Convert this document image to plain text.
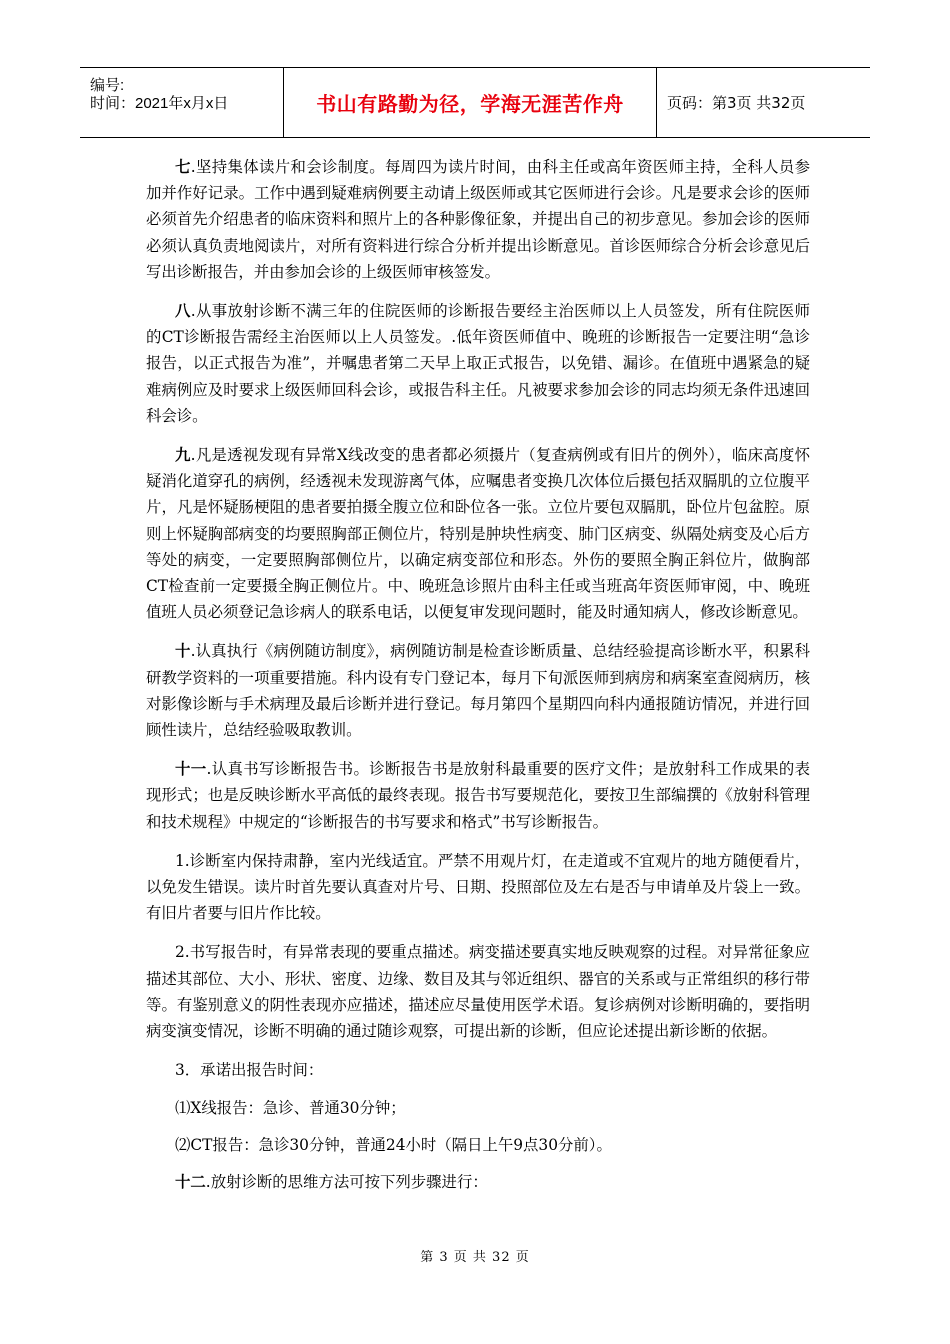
编号:
时间：2021年x月x日	书山有路勤为径，学海无涯苦作舟	页码：第3页 共32页

七.坚持集体读片和会诊制度。每周四为读片时间，由科主任或高年资医师主持，全科人员参加并作好记录。工作中遇到疑难病例要主动请上级医师或其它医师进行会诊。凡是要求会诊的医师必须首先介绍患者的临床资料和照片上的各种影像征象，并提出自己的初步意见。参加会诊的医师必须认真负责地阅读片，对所有资料进行综合分析并提出诊断意见。首诊医师综合分析会诊意见后写出诊断报告，并由参加会诊的上级医师审核签发。

八.从事放射诊断不满三年的住院医师的诊断报告要经主治医师以上人员签发，所有住院医师的CT诊断报告需经主治医师以上人员签发。.低年资医师值中、晚班的诊断报告一定要注明“急诊报告，以正式报告为准”，并嘱患者第二天早上取正式报告，以免错、漏诊。在值班中遇紧急的疑难病例应及时要求上级医师回科会诊，或报告科主任。凡被要求参加会诊的同志均须无条件迅速回科会诊。

九.凡是透视发现有异常X线改变的患者都必须摄片（复查病例或有旧片的例外），临床高度怀疑消化道穿孔的病例，经透视未发现游离气体，应嘱患者变换几次体位后摄包括双膈肌的立位腹平片，凡是怀疑肠梗阻的患者要拍摄全腹立位和卧位各一张。立位片要包双膈肌，卧位片包盆腔。原则上怀疑胸部病变的均要照胸部正侧位片，特别是肿块性病变、肺门区病变、纵隔处病变及心后方等处的病变，一定要照胸部侧位片，以确定病变部位和形态。外伤的要照全胸正斜位片，做胸部CT检查前一定要摄全胸正侧位片。中、晚班急诊照片由科主任或当班高年资医师审阅，中、晚班值班人员必须登记急诊病人的联系电话，以便复审发现问题时，能及时通知病人，修改诊断意见。

十.认真执行《病例随访制度》，病例随访制是检查诊断质量、总结经验提高诊断水平，积累科研教学资料的一项重要措施。科内设有专门登记本，每月下旬派医师到病房和病案室查阅病历，核对影像诊断与手术病理及最后诊断并进行登记。每月第四个星期四向科内通报随访情况，并进行回顾性读片，总结经验吸取教训。

十一.认真书写诊断报告书。诊断报告书是放射科最重要的医疗文件；是放射科工作成果的表现形式；也是反映诊断水平高低的最终表现。报告书写要规范化，要按卫生部编撰的《放射科管理和技术规程》中规定的“诊断报告的书写要求和格式”书写诊断报告。

1.诊断室内保持肃静，室内光线适宜。严禁不用观片灯，在走道或不宜观片的地方随便看片，以免发生错误。读片时首先要认真查对片号、日期、投照部位及左右是否与申请单及片袋上一致。有旧片者要与旧片作比较。

2.书写报告时，有异常表现的要重点描述。病变描述要真实地反映观察的过程。对异常征象应描述其部位、大小、形状、密度、边缘、数目及其与邻近组织、器官的关系或与正常组织的移行带等。有鉴别意义的阴性表现亦应描述，描述应尽量使用医学术语。复诊病例对诊断明确的，要指明病变演变情况，诊断不明确的通过随诊观察，可提出新的诊断，但应论述提出新诊断的依据。

3．承诺出报告时间：

⑴X线报告：急诊、普通30分钟；

⑵CT报告：急诊30分钟，普通24小时（隔日上午9点30分前）。

十二.放射诊断的思维方法可按下列步骤进行：

第 3 页 共 32 页
